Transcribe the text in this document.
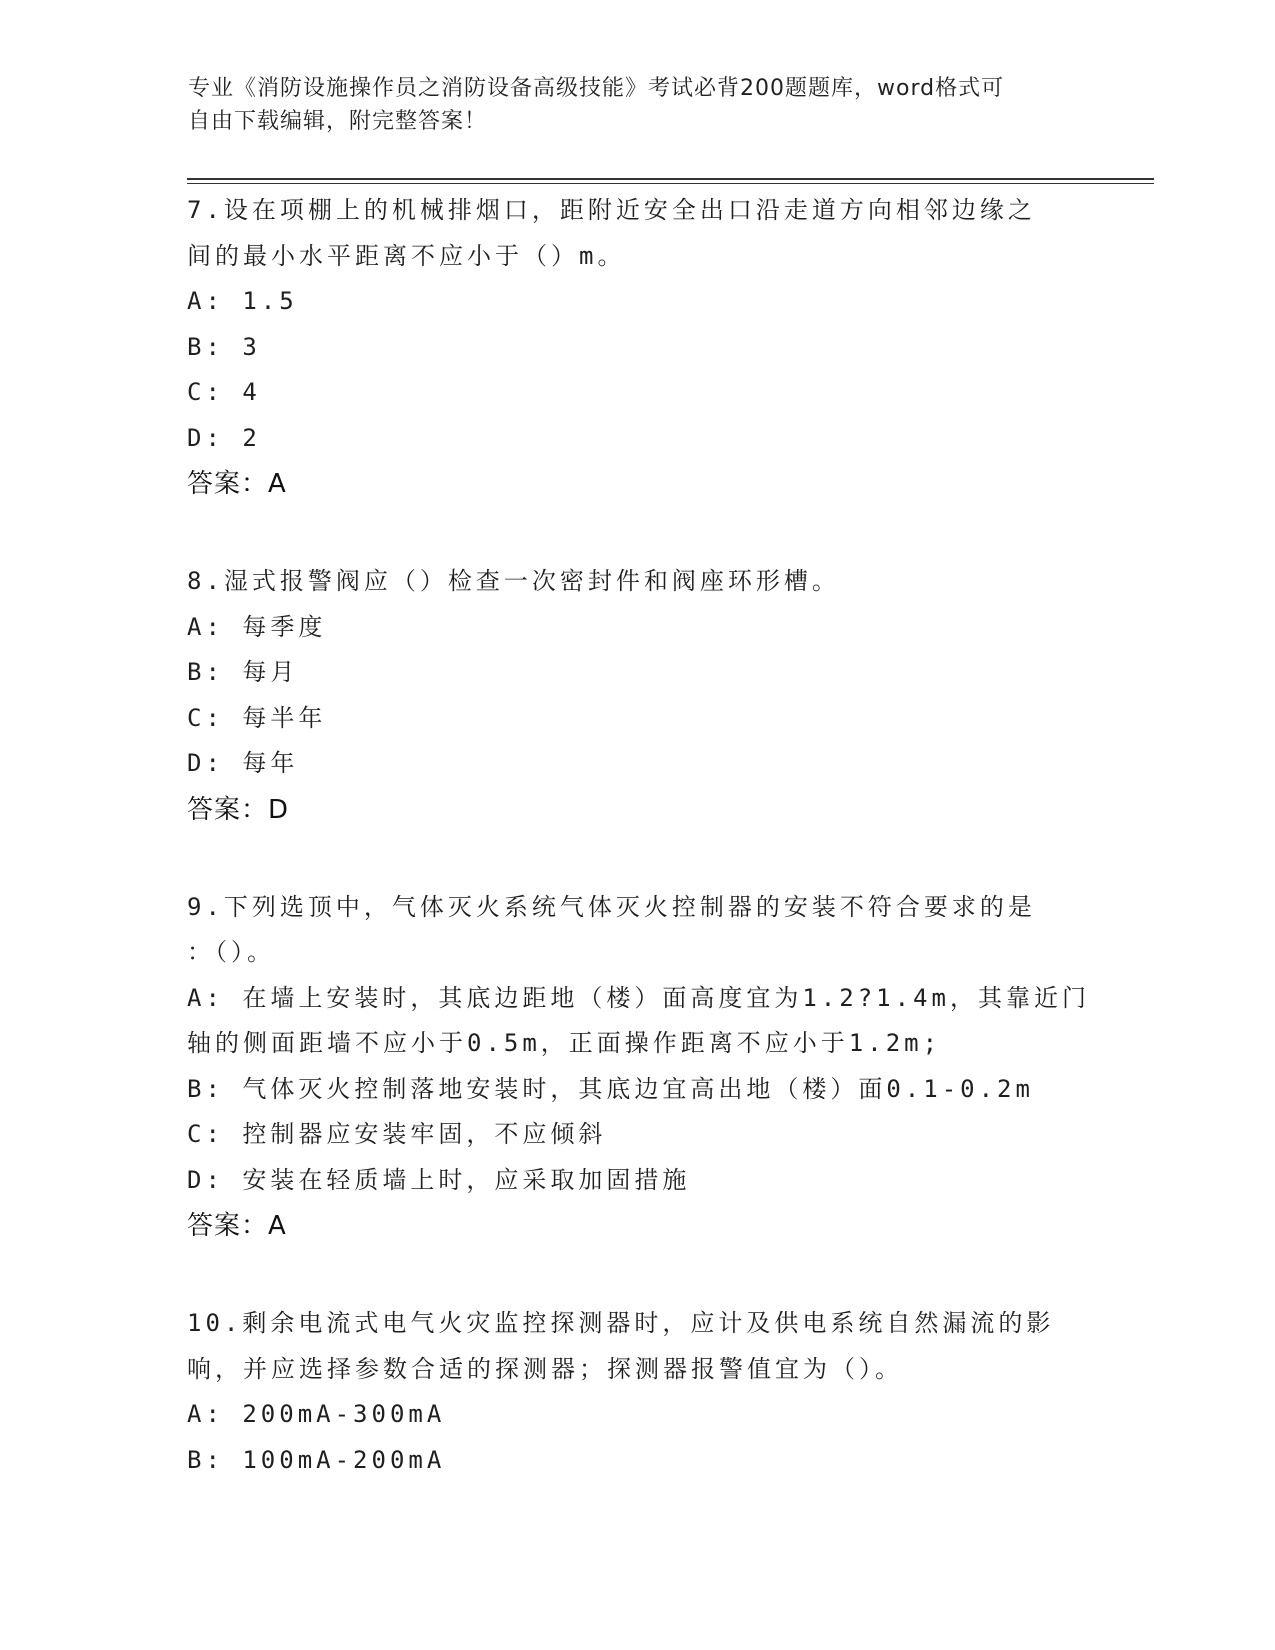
专业《消防设施操作员之消防设备高级技能》考试必背200题题库，word格式可
自由下载编辑，附完整答案！
7.设在项棚上的机械排烟口，距附近安全出口沿走道方向相邻边缘之
间的最小水平距离不应小于（）m。
A: 1.5
B: 3
C: 4
D: 2
答案：A
8.湿式报警阀应（）检查一次密封件和阀座环形槽。
A: 每季度
B: 每月
C: 每半年
D: 每年
答案：D
9.下列选顶中，气体灭火系统气体灭火控制器的安装不符合要求的是
：（）。
A: 在墙上安装时，其底边距地（楼）面高度宜为1.2?1.4m，其靠近门
轴的侧面距墙不应小于0.5m，正面操作距离不应小于1.2m;
B: 气体灭火控制落地安装时，其底边宜高出地（楼）面0.1-0.2m
C: 控制器应安装牢固，不应倾斜
D: 安装在轻质墙上时，应采取加固措施
答案：A
10.剩余电流式电气火灾监控探测器时，应计及供电系统自然漏流的影
响，并应选择参数合适的探测器；探测器报警值宜为（）。
A: 200mA-300mA
B: 100mA-200mA
